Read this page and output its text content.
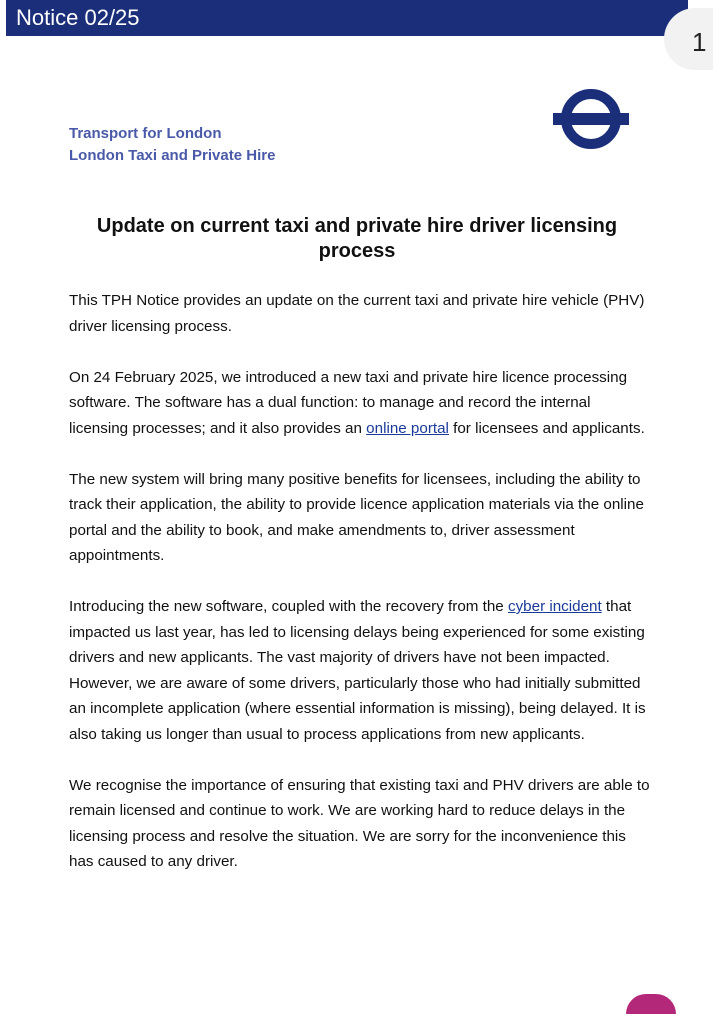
Notice 02/25
1
Transport for London
London Taxi and Private Hire
Update on current taxi and private hire driver licensing process

This TPH Notice provides an update on the current taxi and private hire vehicle (PHV) driver licensing process.

On 24 February 2025, we introduced a new taxi and private hire licence processing software. The software has a dual function: to manage and record the internal licensing processes; and it also provides an online portal for licensees and applicants.

The new system will bring many positive benefits for licensees, including the ability to track their application, the ability to provide licence application materials via the online portal and the ability to book, and make amendments to, driver assessment appointments.

Introducing the new software, coupled with the recovery from the cyber incident that impacted us last year, has led to licensing delays being experienced for some existing drivers and new applicants. The vast majority of drivers have not been impacted. However, we are aware of some drivers, particularly those who had initially submitted an incomplete application (where essential information is missing), being delayed. It is also taking us longer than usual to process applications from new applicants.

We recognise the importance of ensuring that existing taxi and PHV drivers are able to remain licensed and continue to work. We are working hard to reduce delays in the licensing process and resolve the situation. We are sorry for the inconvenience this has caused to any driver.
